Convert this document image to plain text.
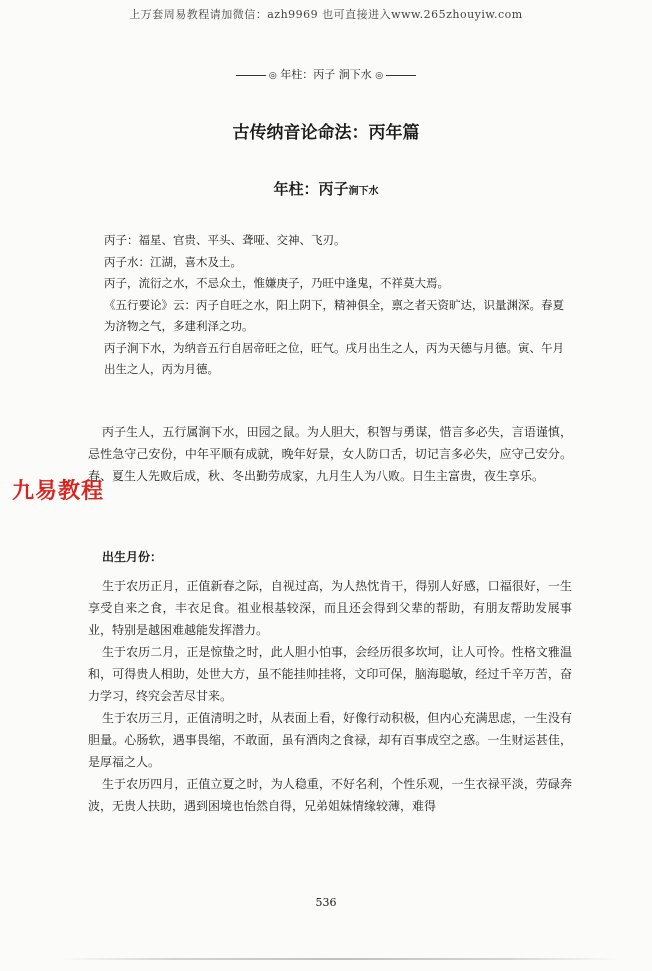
上万套周易教程请加微信：azh9969 也可直接进入www.265zhouyiw.com
◎ 年柱：丙子 涧下水 ◎
古传纳音论命法：丙年篇
年柱：丙子涧下水

丙子：福星、官贵、平头、聋哑、交神、飞刃。

丙子水：江湖，喜木及土。

丙子，流衍之水，不忌众土，惟嫌庚子，乃旺中逢鬼，不祥莫大焉。

《五行要论》云：丙子自旺之水，阳上阴下，精神俱全，禀之者天资旷达，识量渊深。春夏为济物之气，多建利泽之功。

丙子涧下水，为纳音五行自居帝旺之位，旺气。戌月出生之人，丙为天德与月德。寅、午月出生之人，丙为月德。

丙子生人，五行属涧下水，田园之鼠。为人胆大，积智与勇谋，惜言多必失，言语谨慎，忌性急守己安份，中年平顺有成就，晚年好景，女人防口舌，切记言多必失，应守己安分。春、夏生人先败后成，秋、冬出勤劳成家，九月生人为八败。日生主富贵，夜生享乐。

九易教程
出生月份：

生于农历正月，正值新春之际，自视过高，为人热忱肯干，得别人好感，口福很好，一生享受自来之食，丰衣足食。祖业根基较深，而且还会得到父辈的帮助，有朋友帮助发展事业，特别是越困难越能发挥潜力。

生于农历二月，正是惊蛰之时，此人胆小怕事，会经历很多坎坷，让人可怜。性格文雅温和，可得贵人相助，处世大方，虽不能挂帅挂将，文印可保，脑海聪敏，经过千辛万苦，奋力学习，终究会苦尽甘来。

生于农历三月，正值清明之时，从表面上看，好像行动积极，但内心充满思虑，一生没有胆量。心肠软，遇事畏缩，不敢面，虽有酒肉之食禄，却有百事成空之惑。一生财运甚佳，是厚福之人。

生于农历四月，正值立夏之时，为人稳重，不好名利，个性乐观，一生衣禄平淡，劳碌奔波，无贵人扶助，遇到困境也怡然自得，兄弟姐妹情缘较薄，难得

536
